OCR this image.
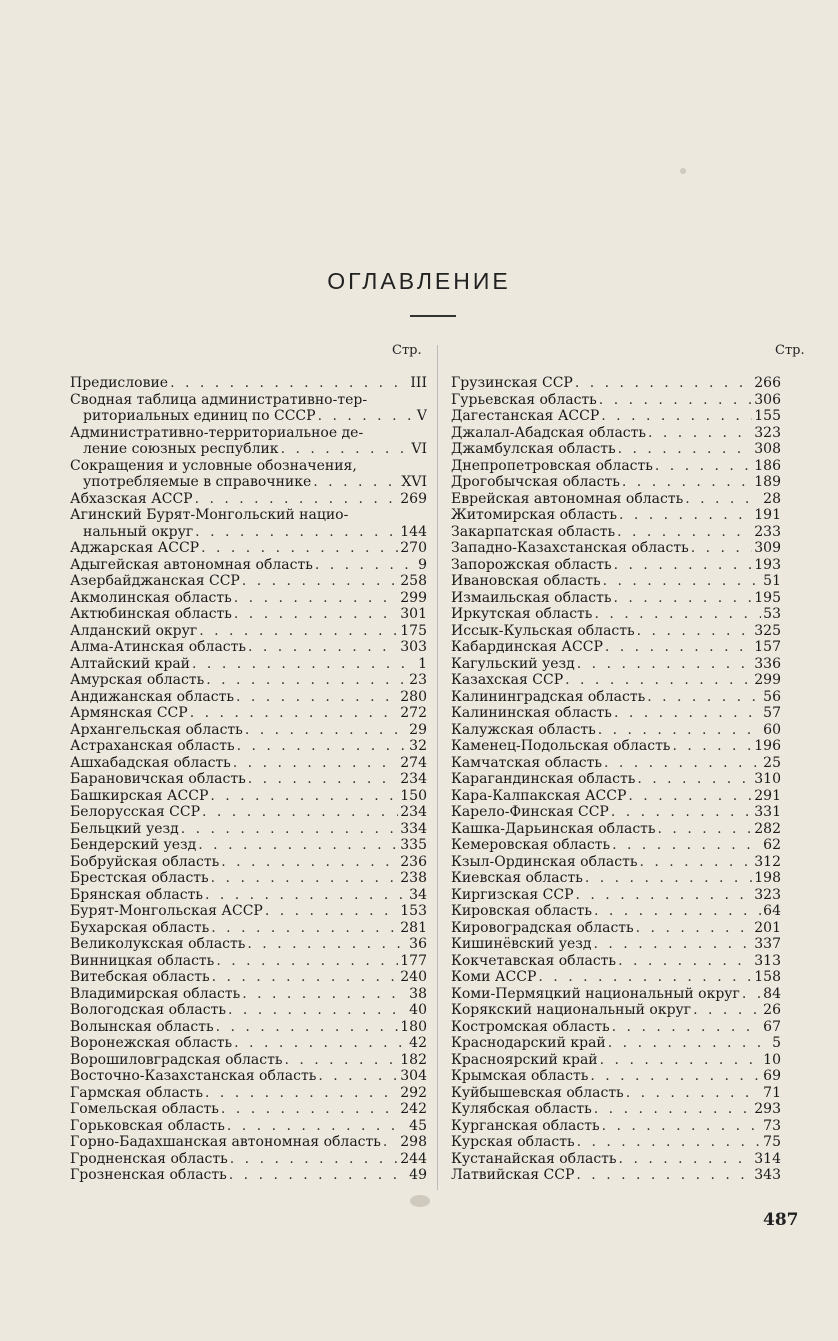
ОГЛАВЛЕНИЕ
Стр.	Стр.
Предисловие . . .	III
Сводная таблица административно-тер-
риториальных единиц по СССР . . .	V
Административно-территориальное де-
ление союзных республик . . .	VI
Сокращения и условные обозначения,
употребляемые в справочнике . . .	XVI
Абхазская АССР . . .	269
Агинский Бурят-Монгольский нацио-
нальный округ . . .	144
Аджарская АССР . . .	270
Адыгейская автономная область . . .	9
Азербайджанская ССР . . .	258
Акмолинская область . . .	299
Актюбинская область . . .	301
Алданский округ . . .	175
Алма-Атинская область . . .	303
Алтайский край . . .	1
Амурская область . . .	23
Андижанская область . . .	280
Армянская ССР . . .	272
Архангельская область . . .	29
Астраханская область . . .	32
Ашхабадская область . . .	274
Барановичская область . . .	234
Башкирская АССР . . .	150
Белорусская ССР . . .	234
Бельцкий уезд . . .	334
Бендерский уезд . . .	335
Бобруйская область . . .	236
Брестская область . . .	238
Брянская область . . .	34
Бурят-Монгольская АССР . . .	153
Бухарская область . . .	281
Великолукская область . . .	36
Винницкая область . . .	177
Витебская область . . .	240
Владимирская область . . .	38
Вологодская область . . .	40
Волынская область . . .	180
Воронежская область . . .	42
Ворошиловградская область . . .	182
Восточно-Казахстанская область . . .	304
Гармская область . . .	292
Гомельская область . . .	242
Горьковская область . . .	45
Горно-Бадахшанская автономная область . . . 298
Гродненская область . . .	244
Грозненская область . . .	49
Грузинская ССР . . .	266
Гурьевская область . . .	306
Дагестанская АССР . . .	155
Джалал-Абадская область . . .	323
Джамбулская область . . .	308
Днепропетровская область . . .	186
Дрогобычская область . . .	189
Еврейская автономная область . . .	28
Житомирская область . . .	191
Закарпатская область . . .	233
Западно-Казахстанская область . . .	309
Запорожская область . . .	193
Ивановская область . . .	51
Измаильская область . . .	195
Иркутская область . . .	53
Иссык-Кульская область . . .	325
Кабардинская АССР . . .	157
Кагульский уезд . . .	336
Казахская ССР . . .	299
Калининградская область . . .	56
Калининская область . . .	57
Калужская область . . .	60
Каменец-Подольская область . . .	196
Камчатская область . . .	25
Карагандинская область . . .	310
Кара-Калпакская АССР . . .	291
Карело-Финская ССР . . .	331
Кашка-Дарьинская область . . .	282
Кемеровская область . . .	62
Кзыл-Ординская область . . .	312
Киевская область . . .	198
Киргизская ССР . . .	323
Кировская область . . .	64
Кировоградская область . . .	201
Кишинёвский уезд . . .	337
Кокчетавская область . . .	313
Коми АССР . . .	158
Коми-Пермяцкий национальный округ . . . 84
Корякский национальный округ . . .	26
Костромская область . . .	67
Краснодарский край . . .	5
Красноярский край . . .	10
Крымская область . . .	69
Куйбышевская область . . .	71
Кулябская область . . .	293
Курганская область . . .	73
Курская область . . .	75
Кустанайская область . . .	314
Латвийская ССР . . .	343
487
